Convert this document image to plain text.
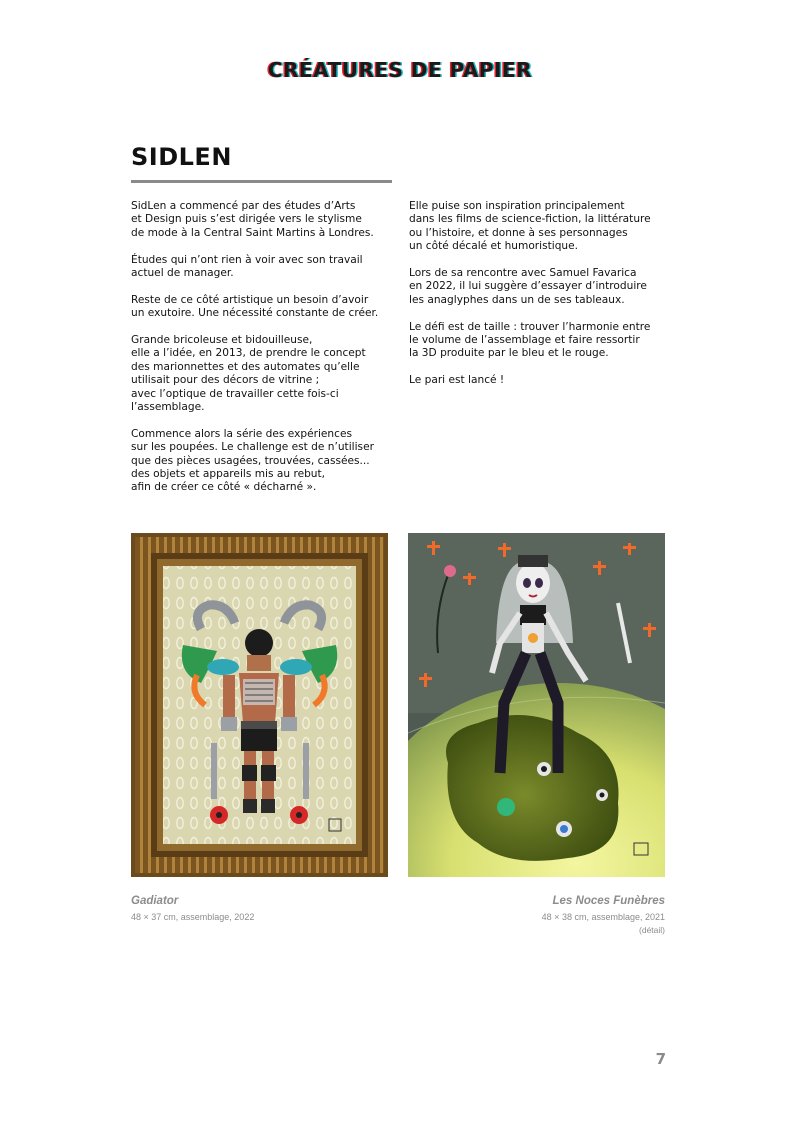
CRÉATURES DE PAPIER
SIDLEN

SidLen a commencé par des études d’Arts
et Design puis s’est dirigée vers le stylisme
de mode à la Central Saint Martins à Londres.

Études qui n’ont rien à voir avec son travail
actuel de manager.

Reste de ce côté artistique un besoin d’avoir
un exutoire. Une nécessité constante de créer.

Grande bricoleuse et bidouilleuse,
elle a l’idée, en 2013, de prendre le concept
des marionnettes et des automates qu’elle
utilisait pour des décors de vitrine ;
avec l’optique de travailler cette fois-ci
l’assemblage.

Commence alors la série des expériences
sur les poupées. Le challenge est de n’utiliser
que des pièces usagées, trouvées, cassées...
des objets et appareils mis au rebut,
afin de créer ce côté « décharné ».

Elle puise son inspiration principalement
dans les films de science-fiction, la littérature
ou l’histoire, et donne à ses personnages
un côté décalé et humoristique.

Lors de sa rencontre avec Samuel Favarica
en 2022, il lui suggère d’essayer d’introduire
les anaglyphes dans un de ses tableaux.

Le défi est de taille : trouver l’harmonie entre
le volume de l’assemblage et faire ressortir
la 3D produite par le bleu et le rouge.

Le pari est lancé !

Gadiator
48 × 37 cm, assemblage, 2022
Les Noces Funèbres
48 × 38 cm, assemblage, 2021
(détail)
7
